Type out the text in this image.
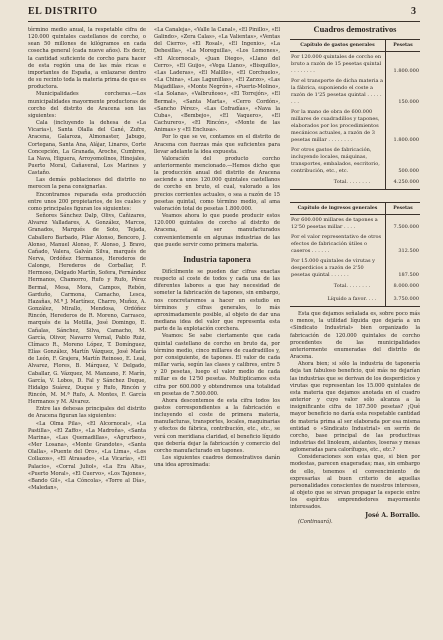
EL DISTRITO	3

término medio anual, la respetable cifra de 120.000 quintales castellanos de corcho, o sean 50 millones de kilógramos en cada cosecha general (cada nueve años). Es decir, la cantidad suficiente de corcho para hacer de esta región una de las más ricas e importantes de España, a enlazarse dentro de su recinto toda la materia prima de que es productora.

Municipalidades corcheras.—Los municipalidades mayormente productoras de corcho del distrito de Aracena son las siguientes:

Cala (incluyendo la dehesa de «La Vicaria»), Santa Olalla del Cané, Zufre, Aracena, Galaroza, Almonaster, Jabugo, Cortegana, Santa Ana, Alájar, Linares, Corte Concepción, La Granada, Aroche, Cumbres, La Nava, Higuera, Arroyomolinos, Hinojales, Puerto Moral, Cañaveral, Los Marines y Castaño.

Las demás poblaciones del distrito no merecen la pena consignarlas.

Encontramos reparada esta producción entre unos 200 propietarios, de los cuales y como principales figuran los siguientes:

Señores Sánchez Dalp, Olivs, Cañizares, Alvarez Valladares, A. González, Marcos, Granados, Marqués de Soto, Tejada, Caballero Barbado, Pilar Alonso, Bencoro, J. Alonso, Manuel Alonso, F. Alonso, J. Bravo, Cañado, Valera, Galván Silva, marqués de Nerva, Ordóñez Hermanos, Herederos de Calonge, Herederos de Corballar, F. Hermoso, Delgado Martín, Sofera, Fernández Hermanos, Chamorro, Rufo y Rufo, Pérez Bermal, Mesa, Mora, Campos, Rebón, Garduño, Carmona, Camacho, Lesca, Hazañas, M.ª J. Martínez, Charro, Muñoz, A. González, Mirallo, Mendosa, Ordóñez Rincón, Herederos de R. Moreno, Carrasco, marqués de la Motilla, José Domingo, E. Cañalas, Sánchez, Silva, Camacho, M. García, Olivor, Navarro Vernal, Pablo Ruiz, Clímaco R., Moreno López, T. Domínguez, Elías González, Martín Vázquez, José María de León, F. Grajera, Martín Reinoso, E. Leal, Alvarez, Flores, B. Márquez, V. Delgado, Caballar, G. Vázquez, M. Manzano, F. Marín, García, V. Lobos, D. Fal y Sánchez Duque, Hidalgo Suárez, Duque y Rufo, Rincón y Rincón, M. M.ª Rufo, A. Montes, F. García Hermanos y M. Alvarez.

Entre las dehesas principales del distrito de Aracena figuran las siguientes:

«La Olma Pila», «El Alcornocal», «La Pastilla», «El Zaffo», «La Madroña», «Santa Marina», «Las Quemadillas», «Agrurbeo», «Mer Losana», «Monte Grandote», «Santa Olalla», «Puente del Oro», «La Lima», «Los Collazos», «El Atrasado», «La Vicaría», «El Palacio», «Corral Juliol», «La Era Alta», «Puerto Moral», «El Cuervo», «Los Tajones», «Bando Gil», «La Cóncola», «Torre al Día», «Maledan»,

«La Canaleja», «Valle la Canal», «El Pinillo», «El Galindo», «Zera Calas», «La Valientas», «Ventas del Cierro», «El Rosal», «El Ingenio», «La Dehesilla», «La Moreguilla», «Los Lomones», «El Alcornocal», «Juan Diego», «Llano del Cerro», «El Guijo», «Vega Llano», «Bisquillo», «Las Laderas», «El Malillo», «El Corchuelo», «La China», «Las Lagunillas», «El Zarzo», «Las Majadillas», «Monte Negrón», «Puerto-Molino», «La Solana», «Valbruñoso», «El Torrejón», «El Bermal», «Santa Marta», «Cerro Cordón», «Sancho Pérez», «Las Cofradías», «Nava la Cuba», «Bembejo», «El Vaquero», «El Cachurero», «El Rincón», «Monte de las Animas» y «El Enclusa».

Por lo que se ve, contamos en el distrito de Aracena con fuerzas más que suficientes para llevar adelante la idea expuesta.

Valoración del producto corcho anteriormente mencionado.—Hemos dicho que la producción anual del distrito de Aracena asciende a unos 120.000 quintales castellanos de corcho en bruto, el cual, valorado a los precios corrientes actuales, o sea a razón de 15 pesetas quintal, como término medio, al ama valoración total de pesetas 1.800.000.

Veamos ahora lo que puede producir estos 120.000 quintales de corcho al distrito de Aracena, al ser manufacturados convenientemente en algunas industrias de las que puede servir como primera materia.

Industria taponera

Difícilmente se pueden dar cifras exactas respecto al coste de todos y cada una de las diferentes labores a que hay necesidad de someter la fabricación de tapones, sin embargo, nos concretaremos a hacer un estudio en términos y cifras generales, lo más aproximadamente posible, al objeto de dar una mediana idea del valor que representa esta parte de la explotación corchera.

Veamos: Se sabe ciertamente que cada quintal castellano de corcho en bruto da, por término medio, cinco millares de cuadradillos y, por consiguiente, de tapones. El valor de cada millar varía, según las clases y calibres, entre 5 y 20 pesetas, luego el valor medio de cada millar es de 12'50 pesetas. Multiplicamos esta cifra por 600.000 y obtendremos una totalidad en pesetas de 7.500.000.

Ahora descontemos de esta cifra todos los gastos correspondientes a la fabricación e incluyendo el coste de primera materia, manufacturas, transportes, locales, maquinarias y efectos de fábrica, contribución, etc., etc., se verá con meridiana claridad, el beneficio líquido que debería dejar la fabricación y comercio del corcho manufacturado en tapones.

Los siguientes cuadros demostrativos darán una idea aproximada:

Cuadros demostrativos
Capítulo de gastos generales	Pesetas
Por 120.000 quintales de corcho en bruto a razón de 15 pesetas quintal . . . . . . . .	1.800.000
Por el transporte de dicha materia a la fábrica, suponiendo el coste a razón de 1'25 pesetas quintal . . . . . . . .	150.000
Por la mano de obra de 600.000 millares de cuadradillos y tapones, elaborados por los procedimientos mecánicos actuales, a razón de 3 pesetas millar . . . . . . . .	1.800.000
Por otros gastos de fabricación, incluyendo locales, máquinas, transportes, embalados, escritorio, contribución, etc., etc.	500.000
Total. . . . . . . .	4.250.000
Capítulo de ingresos generales	Pesetas
Por 600.000 millares de tapones a 12'50 pesetas millar . . . .	7.500.000
Por el valor representativo de otros efectos de fabricación útiles o caseros . . . . . .	312.500
Por 15.000 quintales de virutas y desperdicios a razón de 2'50 pesetas quintal . . . . . .	187.500
Total. . . . . . . .	8.000.000
Líquido a favor. . . .	3.750.000

Esta que dejamos señalada es, sobre poco más o menos, la utilidad líquida que dejaría a un «Sindicato Industrial» bien organizado la fabricación de 120.000 quintales de corcho procedentes de las municipalidades anteriormente enumeradas del distrito de Aracena.

Ahora bien; si sólo la industria de taponería deja tan fabuloso beneficio, qué más no dejarían las industrias que se derivan de los desperdicios y virutas que representan los 15.000 quintales de esta materia que dejamos anotada en el cuadro anterior y cuyo valor sólo alcanza a la insignificante cifra de 187.500 pesetas? ¡Qué mayor beneficio no daría esta respetable cantidad de materia prima al ser elaborada por esa misma entidad o «Sindicato Industrial» en serrín de corcho, base principal de las productivas industrias del linoleum, aislantes, loseras y mesas aglomeradas para calorífugos, etc., etc.?

Consideraciones son estas que, si bien por modestas, parecen exageradas; mas, sin embargo de ello, tenemos el convencimiento de expresarlas al buen criterio de aquellas personalidades conscientes de nuestros intereses, al objeto que se sirvan propagar la especie entre los espíritus emprendedores mayormente interesados.

José A. Borrallo.

(Continuará).
